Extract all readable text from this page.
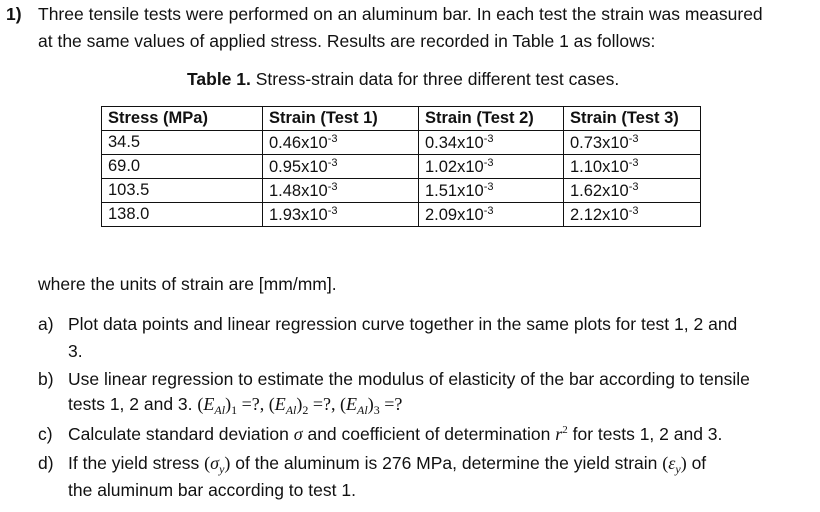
1) Three tensile tests were performed on an aluminum bar. In each test the strain was measured
at the same values of applied stress. Results are recorded in Table 1 as follows:
Table 1. Stress-strain data for three different test cases.
Stress (MPa)	Strain (Test 1)	Strain (Test 2)	Strain (Test 3)
34.5	$0.46x10^{-3}$	$0.34x10^{-3}$	$0.73x10^{-3}$
69.0	$0.95x10^{-3}$	$1.02x10^{-3}$	$1.10x10^{-3}$
103.5	$1.48x10^{-3}$	$1.51x10^{-3}$	$1.62x10^{-3}$
138.0	$1.93x10^{-3}$	$2.09x10^{-3}$	$2.12x10^{-3}$
where the units of strain are [mm/mm].
a) Plot data points and linear regression curve together in the same plots for test 1, 2 and
3.
b) Use linear regression to estimate the modulus of elasticity of the bar according to tensile
tests 1, 2 and 3. $(E_{Al})_1$ =?, $(E_{Al})_2$ =?, $(E_{Al})_3$ =?
c) Calculate standard deviation σ and coefficient of determination $r^2$ for tests 1, 2 and 3.
d) If the yield stress $(\sigma_y)$ of the aluminum is 276 MPa, determine the yield strain $(\varepsilon_y)$ of
the aluminum bar according to test 1.
